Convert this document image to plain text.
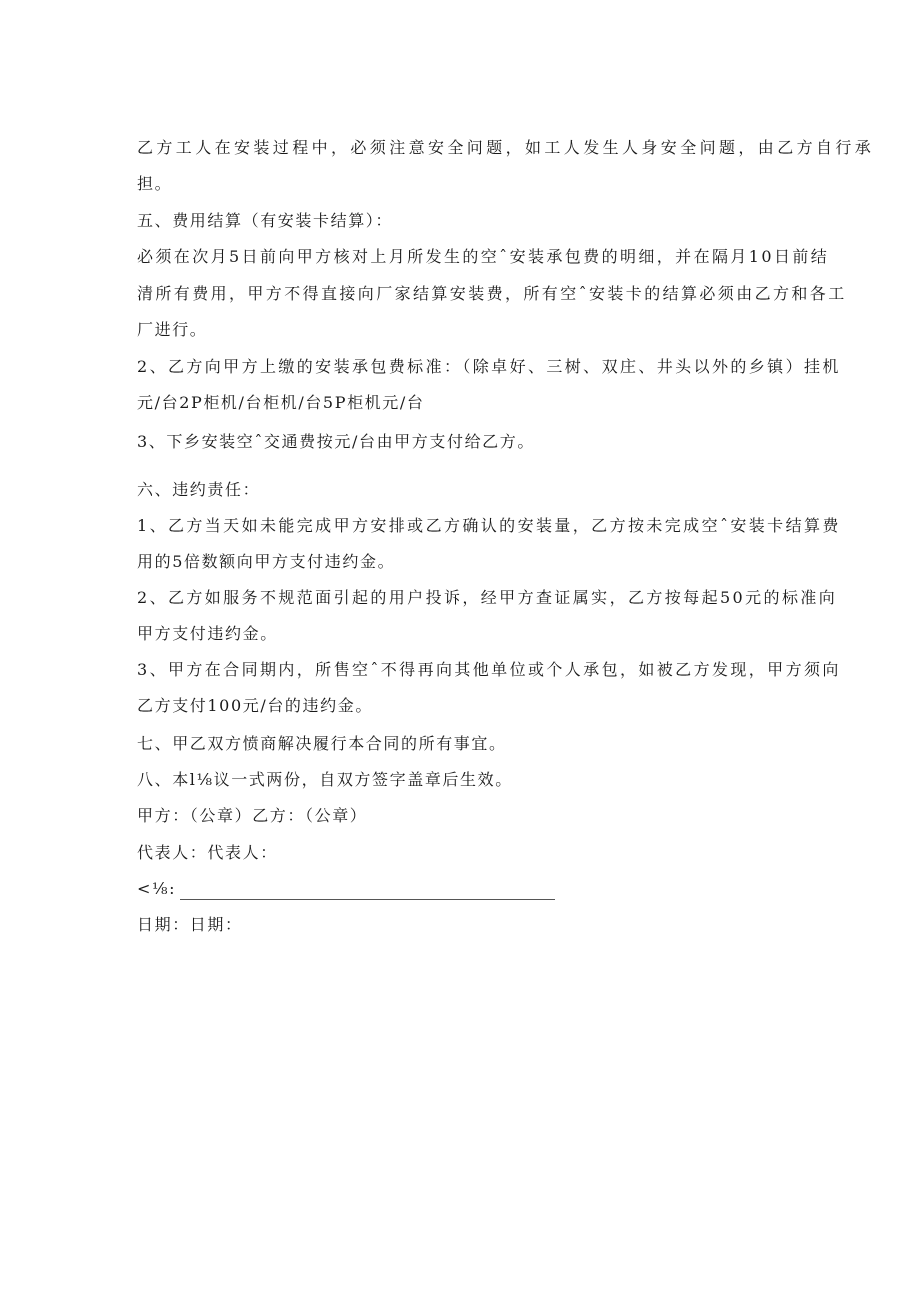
乙方工人在安装过程中，必须注意安全问题，如工人发生人身安全问题，由乙方自行承
担。
五、费用结算（有安装卡结算）：
必须在次月5日前向甲方核对上月所发生的空ˆ安装承包费的明细，并在隔月10日前结
清所有费用，甲方不得直接向厂家结算安装费，所有空ˆ安装卡的结算必须由乙方和各工
厂进行。
2、乙方向甲方上缴的安装承包费标准：（除卓好、三树、双庄、井头以外的乡镇）挂机
元/台2P柜机/台柜机/台5P柜机元/台
3、下乡安装空ˆ交通费按元/台由甲方支付给乙方。
六、违约责任：
1、乙方当天如未能完成甲方安排或乙方确认的安装量，乙方按未完成空ˆ安装卡结算费
用的5倍数额向甲方支付违约金。
2、乙方如服务不规范面引起的用户投诉，经甲方查证属实，乙方按每起50元的标准向
甲方支付违约金。
3、甲方在合同期内，所售空ˆ不得再向其他单位或个人承包，如被乙方发现，甲方须向
乙方支付100元/台的违约金。
七、甲乙双方愤商解决履行本合同的所有事宜。
八、本l⅛议一式两份，自双方签字盖章后生效。
甲方：（公章）乙方：（公章）
代表人：代表人：
<⅛:
日期：日期：
